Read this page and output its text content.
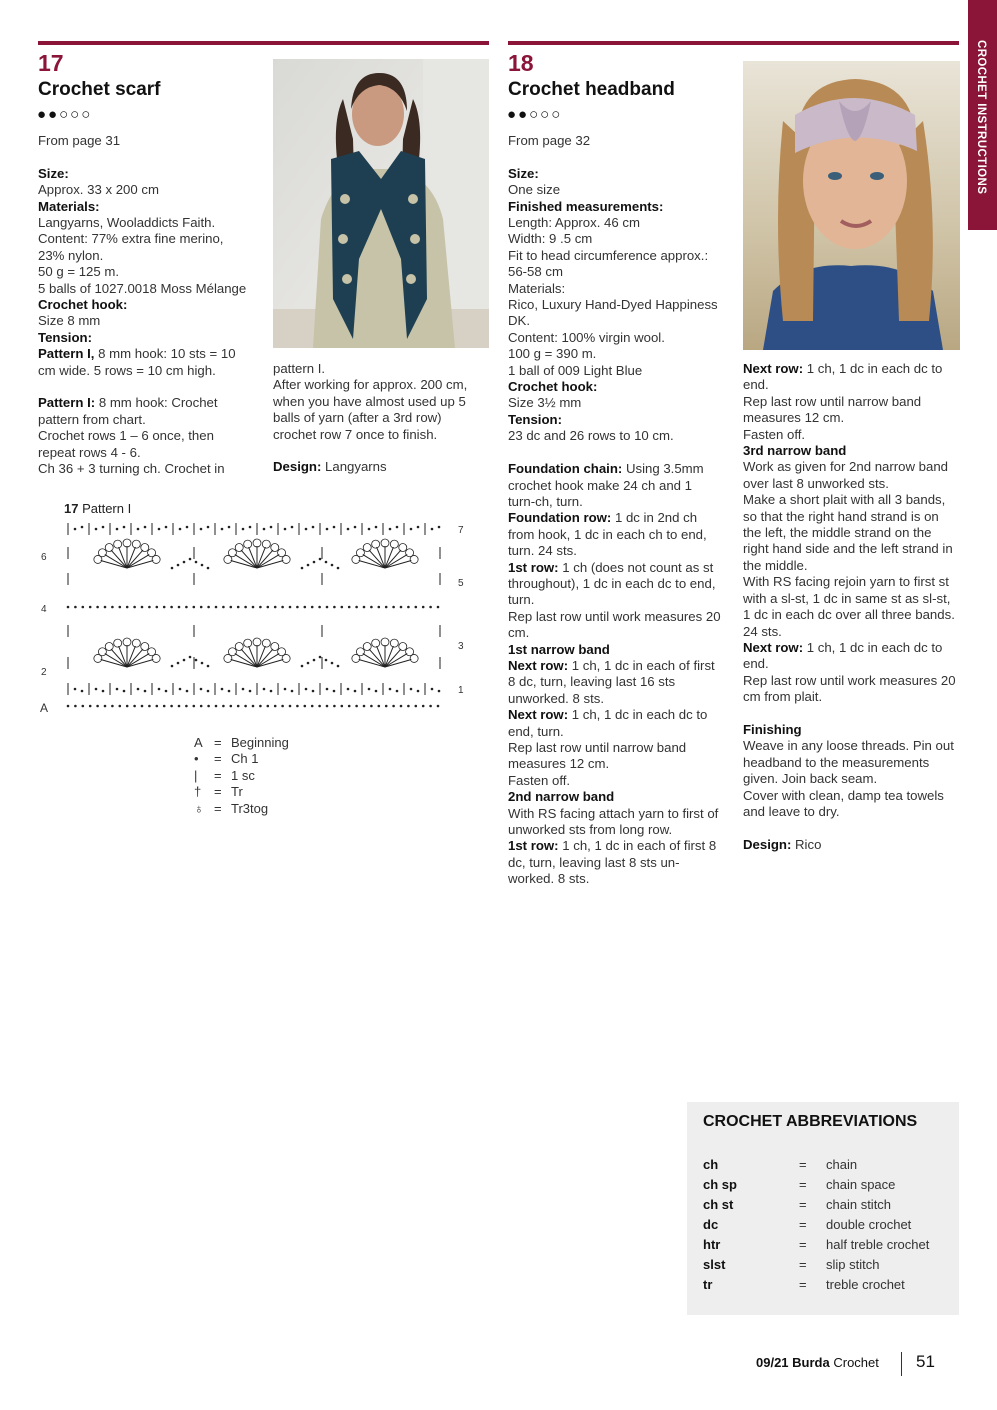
CROCHET INSTRUCTIONS
17
Crochet scarf
●●○○○

From page 31

Size:

Approx. 33 x 200 cm

Materials:

Langyarns, Wooladdicts Faith.

Content: 77% extra fine merino,

23% nylon.

50 g = 125 m.

5 balls of 1027.0018 Moss Mélange

Crochet hook:

Size 8 mm

Tension:

Pattern I, 8 mm hook: 10 sts = 10

cm wide. 5 rows = 10 cm high.

Pattern I: 8 mm hook: Crochet

pattern from chart.

Crochet rows 1 – 6 once, then

repeat rows 4 - 6.

Ch 36 + 3 turning ch. Crochet in

pattern I.

After working for approx. 200 cm,

when you have almost used up 5

balls of yarn (after a 3rd row)

crochet row 7 once to finish.

Design: Langyarns

17 Pattern I
7
6
5
4
3
2
1
A
A = Beginning
•	= Ch 1
|	= 1 sc
† = Tr
♁ = Tr3tog
18
Crochet headband
●●○○○

From page 32

Size:

One size

Finished measurements:

Length: Approx. 46 cm

Width: 9 .5 cm

Fit to head circumference approx.:

56-58 cm

Materials:

Rico, Luxury Hand-Dyed Happiness

DK.

Content: 100% virgin wool.

100 g = 390 m.

1 ball of 009 Light Blue

Crochet hook:

Size 3½ mm

Tension:

23 dc and 26 rows to 10 cm.

Foundation chain: Using 3.5mm

crochet hook make 24 ch and 1

turn-ch, turn.

Foundation row: 1 dc in 2nd ch

from hook, 1 dc in each ch to end,

turn. 24 sts.

1st row: 1 ch (does not count as st

throughout), 1 dc in each dc to end,

turn.

Rep last row until work measures 20

cm.

1st narrow band

Next row: 1 ch, 1 dc in each of first

8 dc, turn, leaving last 16 sts

unworked. 8 sts.

Next row: 1 ch, 1 dc in each dc to

end, turn.

Rep last row until narrow band

measures 12 cm.

Fasten off.

2nd narrow band

With RS facing attach yarn to first of

unworked sts from long row.

1st row: 1 ch, 1 dc in each of first 8

dc, turn, leaving last 8 sts un-

worked. 8 sts.

Next row: 1 ch, 1 dc in each dc to

end.

Rep last row until narrow band

measures 12 cm.

Fasten off.

3rd narrow band

Work as given for 2nd narrow band

over last 8 unworked sts.

Make a short plait with all 3 bands,

so that the right hand strand is on

the left, the middle strand on the

right hand side and the left strand in

the middle.

With RS facing rejoin yarn to first st

with a sl-st, 1 dc in same st as sl-st,

1 dc in each dc over all three bands.

24 sts.

Next row: 1 ch, 1 dc in each dc to

end.

Rep last row until work measures 20

cm from plait.

Finishing

Weave in any loose threads. Pin out

headband to the measurements

given. Join back seam.

Cover with clean, damp tea towels

and leave to dry.

Design: Rico

CROCHET ABBREVIATIONS
ch	= chain
ch sp	= chain space
ch st	= chain stitch
dc	= double crochet
htr	= half treble crochet
slst	= slip stitch
tr	= treble crochet
09/21 Burda Crochet 51
